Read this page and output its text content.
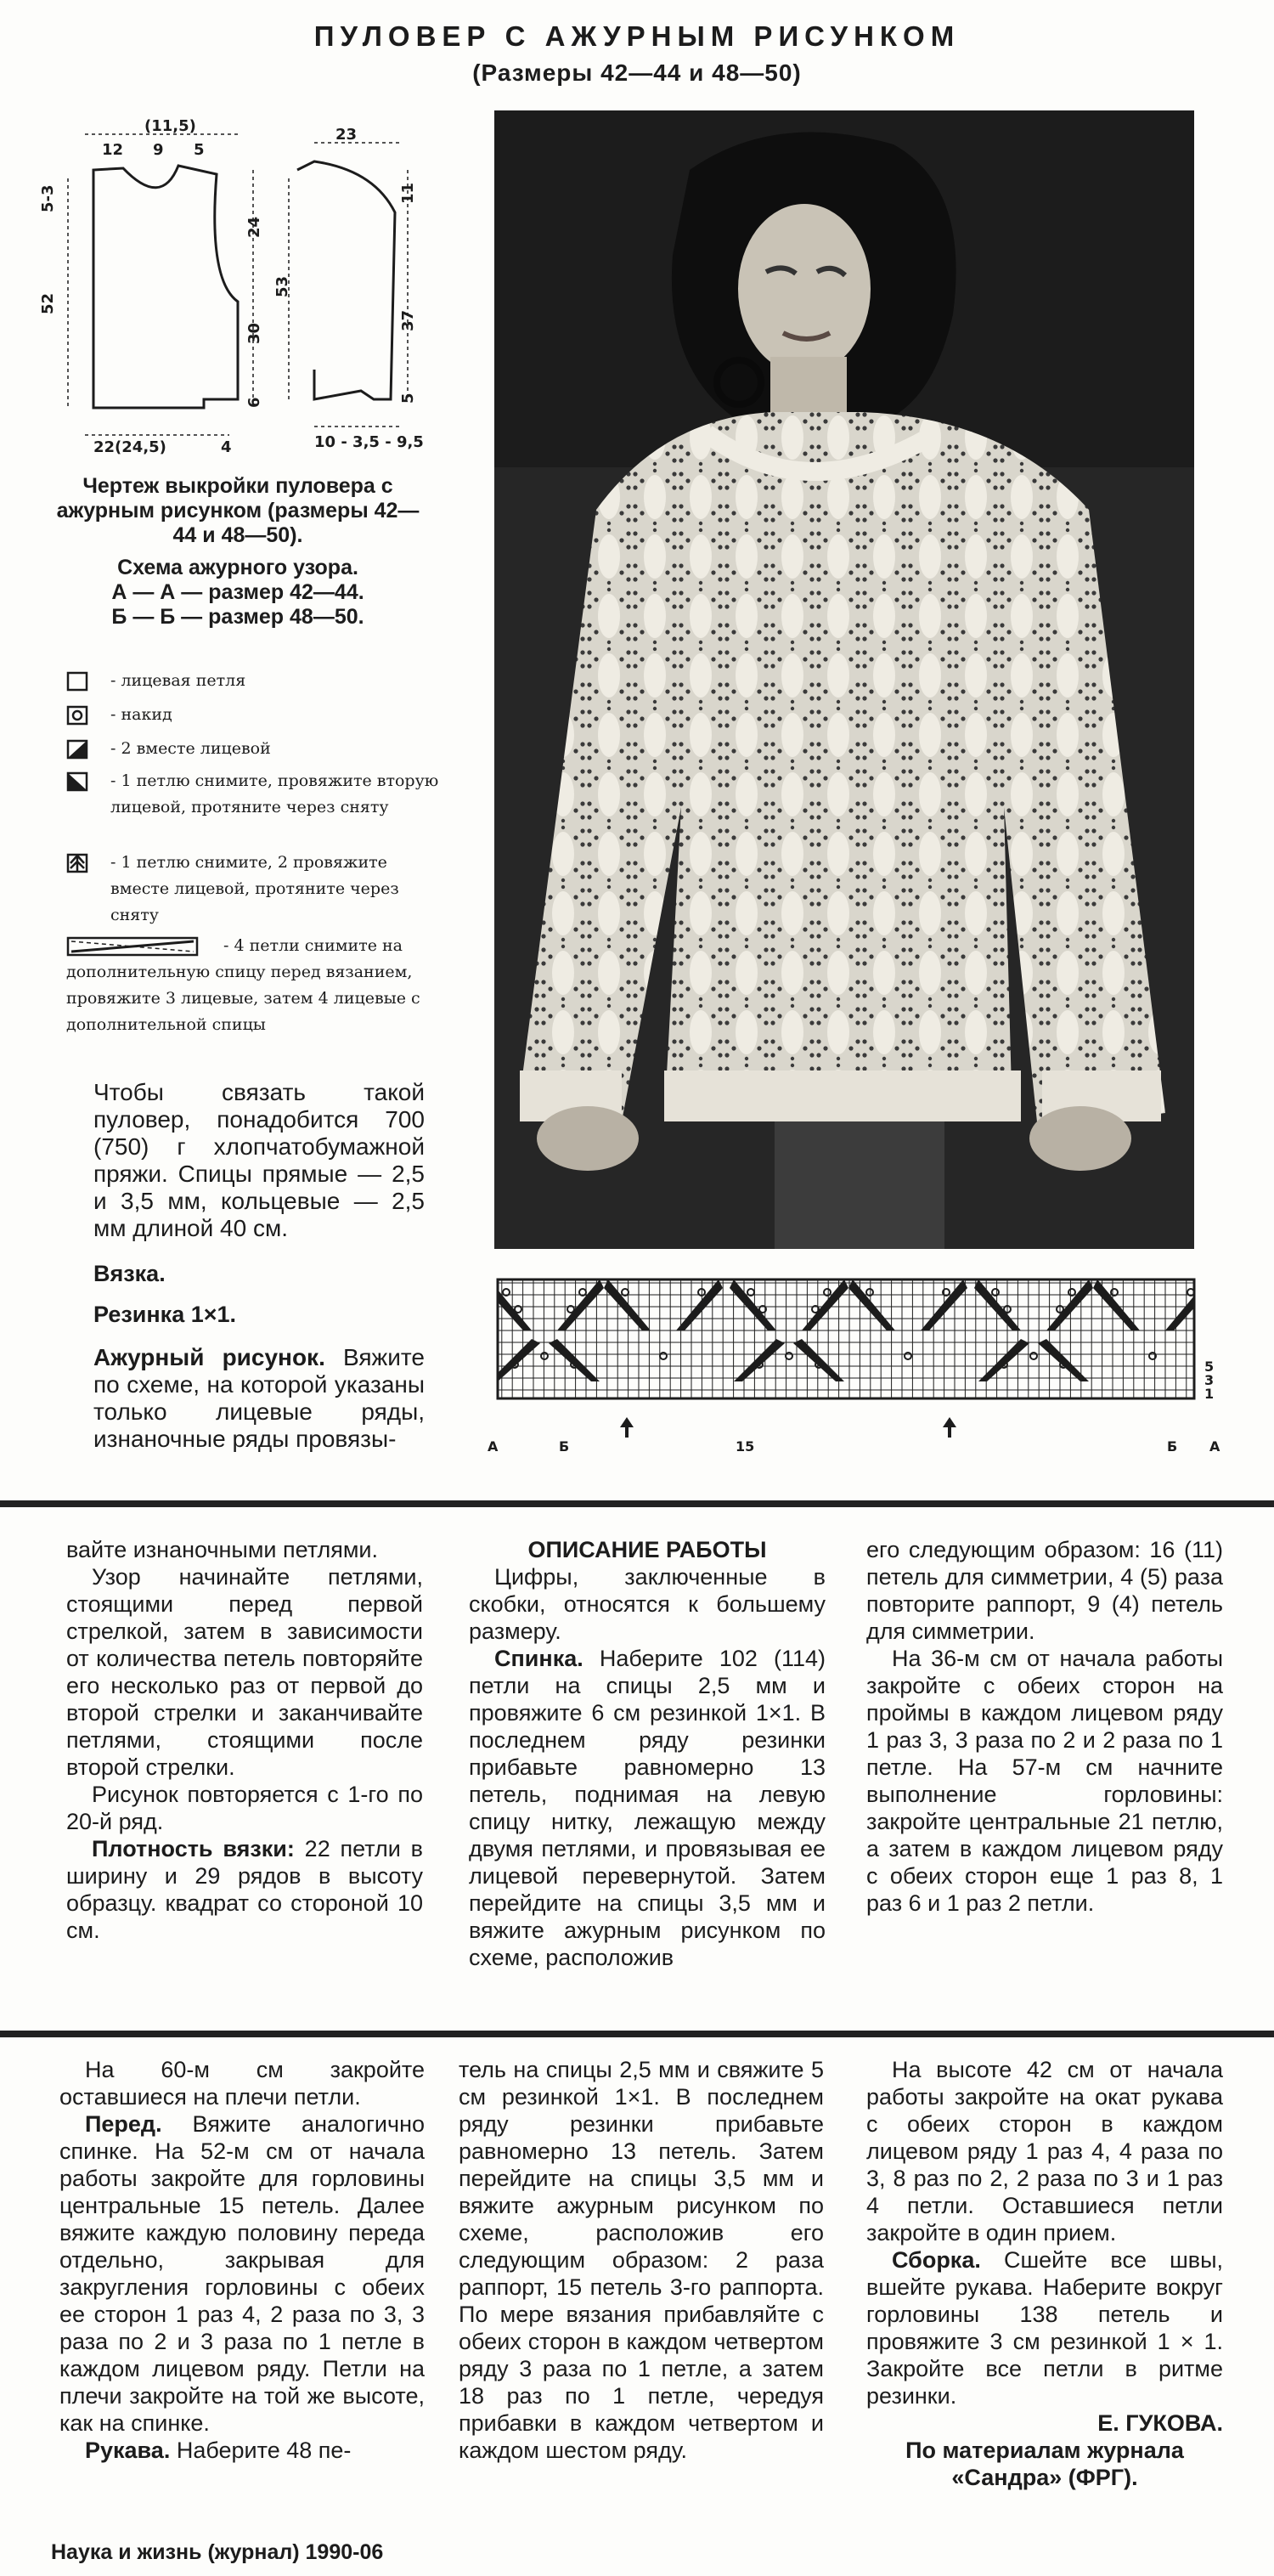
ПУЛОВЕР С АЖУРНЫМ РИСУНКОМ
(Размеры 42—44 и 48—50)
(11,5)
12 9 5
5-3
52
24
30
6
22(24,5)	4
23
53
11
37
5
10 - 3,5 - 9,5
Чертеж выкройки пуловера с ажурным рисунком (размеры 42—44 и 48—50).
Схема ажурного узора.
А — А — размер 42—44.
Б — Б — размер 48—50.
- лицевая петля
- накид
- 2 вместе лицевой
- 1 петлю снимите, провяжите вторую лицевой, протяните через сняту
- 1 петлю снимите, 2 провяжите вместе лицевой, протяните через сняту
- 4 петли снимите на дополнительную спицу перед вязанием, провяжите 3 лицевые, затем 4 лицевые с дополнительной спицы
Чтобы связать такой пуловер, понадобится 700 (750) г хлопчатобумажной пряжи. Спицы прямые — 2,5 и 3,5 мм, кольцевые — 2,5 мм длиной 40 см.
Вязка.
Резинка 1×1.
Ажурный рисунок. Вяжите по схеме, на которой указаны только лицевые ряды, изнаночные ряды провязы-	А	Б	15	Б А
5
3
1

вайте изнаночными петлями.

Узор начинайте петлями, стоящими перед первой стрелкой, затем в зависимости от количества петель повторяйте его несколько раз от первой до второй стрелки и заканчивайте петлями, стоящими после второй стрелки.

Рисунок повторяется с 1-го по 20-й ряд.

Плотность вязки: 22 петли в ширину и 29 рядов в высоту образцу. квадрат со стороной 10 см.

ОПИСАНИЕ РАБОТЫ

Цифры, заключенные в скобки, относятся к большему размеру.

Спинка. Наберите 102 (114) петли на спицы 2,5 мм и провяжите 6 см резинкой 1×1. В последнем ряду резинки прибавьте равномерно 13 петель, поднимая на левую спицу нитку, лежащую между двумя петлями, и провязывая ее лицевой перевернутой. Затем перейдите на спицы 3,5 мм и вяжите ажурным рисунком по схеме, расположив

его следующим образом: 16 (11) петель для симметрии, 4 (5) раза повторите раппорт, 9 (4) петель для симметрии.

На 36-м см от начала работы закройте с обеих сторон на проймы в каждом лицевом ряду 1 раз 3, 3 раза по 2 и 2 раза по 1 петле. На 57-м см начните выполнение горловины: закройте центральные 21 петлю, а затем в каждом лицевом ряду с обеих сторон еще 1 раз 8, 1 раз 6 и 1 раз 2 петли.

На 60-м см закройте оставшиеся на плечи петли.

Перед. Вяжите аналогично спинке. На 52-м см от начала работы закройте для горловины центральные 15 петель. Далее вяжите каждую половину переда отдельно, закрывая для закругления горловины с обеих ее сторон 1 раз 4, 2 раза по 3, 3 раза по 2 и 3 раза по 1 петле в каждом лицевом ряду. Петли на плечи закройте на той же высоте, как на спинке.

Рукава. Наберите 48 пе-

тель на спицы 2,5 мм и свяжите 5 см резинкой 1×1. В последнем ряду резинки прибавьте равномерно 13 петель. Затем перейдите на спицы 3,5 мм и вяжите ажурным рисунком по схеме, расположив его следующим образом: 2 раза раппорт, 15 петель 3-го раппорта. По мере вязания прибавляйте с обеих сторон в каждом четвертом ряду 3 раза по 1 петле, а затем 18 раз по 1 петле, чередуя прибавки в каждом четвертом и каждом шестом ряду.

На высоте 42 см от начала работы закройте на окат рукава с обеих сторон в каждом лицевом ряду 1 раз 4, 4 раза по 3, 8 раз по 2, 2 раза по 3 и 1 раз 4 петли. Оставшиеся петли закройте в один прием.

Сборка. Сшейте все швы, вшейте рукава. Наберите вокруг горловины 138 петель и провяжите 3 см резинкой 1 × 1. Закройте все петли в ритме резинки.

Е. ГУКОВА.
По материалам журнала
«Сандра» (ФРГ).
Наука и жизнь (журнал) 1990-06
